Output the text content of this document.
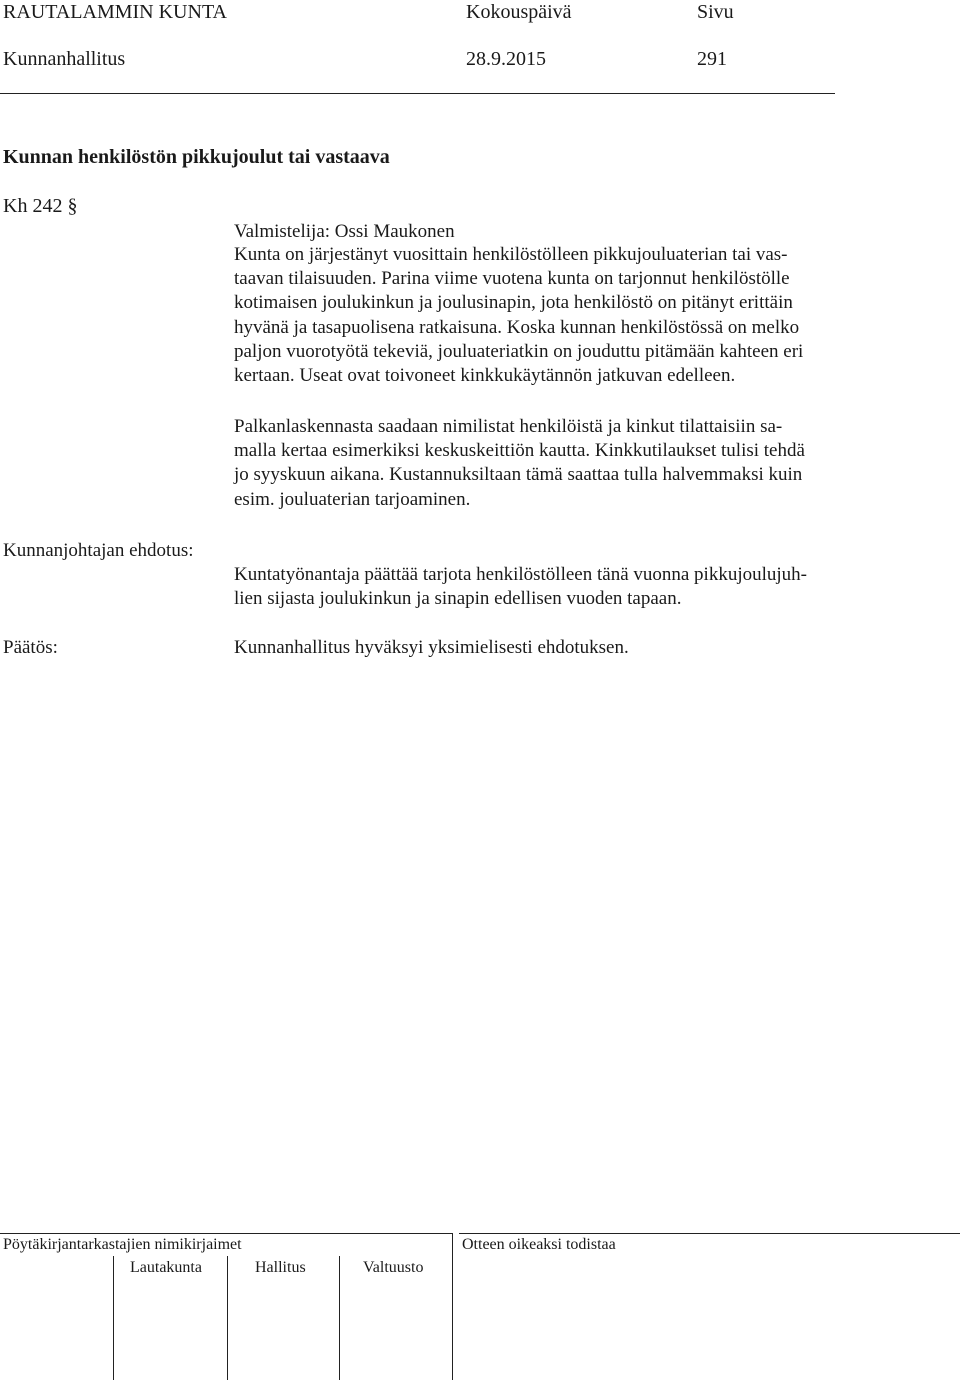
RAUTALAMMIN KUNTA	Kokouspäivä	Sivu
Kunnanhallitus	28.9.2015	291
Kunnan henkilöstön pikkujoulut tai vastaava
Kh 242 §
Valmistelija: Ossi Maukonen
Kunta on järjestänyt vuosittain henkilöstölleen pikkujouluaterian tai vas-
taavan tilaisuuden. Parina viime vuotena kunta on tarjonnut henkilöstölle
kotimaisen joulukinkun ja joulusinapin, jota henkilöstö on pitänyt erittäin
hyvänä ja tasapuolisena ratkaisuna. Koska kunnan henkilöstössä on melko
paljon vuorotyötä tekeviä, jouluateriatkin on jouduttu pitämään kahteen eri
kertaan. Useat ovat toivoneet kinkkukäytännön jatkuvan edelleen.
Palkanlaskennasta saadaan nimilistat henkilöistä ja kinkut tilattaisiin sa-
malla kertaa esimerkiksi keskuskeittiön kautta. Kinkkutilaukset tulisi tehdä
jo syyskuun aikana. Kustannuksiltaan tämä saattaa tulla halvemmaksi kuin
esim. jouluaterian tarjoaminen.
Kunnanjohtajan ehdotus:
Kuntatyönantaja päättää tarjota henkilöstölleen tänä vuonna pikkujoulujuh-
lien sijasta joulukinkun ja sinapin edellisen vuoden tapaan.
Päätös:	Kunnanhallitus hyväksyi yksimielisesti ehdotuksen.
Pöytäkirjantarkastajien nimikirjaimet	Otteen oikeaksi todistaa
Lautakunta	Hallitus	Valtuusto
